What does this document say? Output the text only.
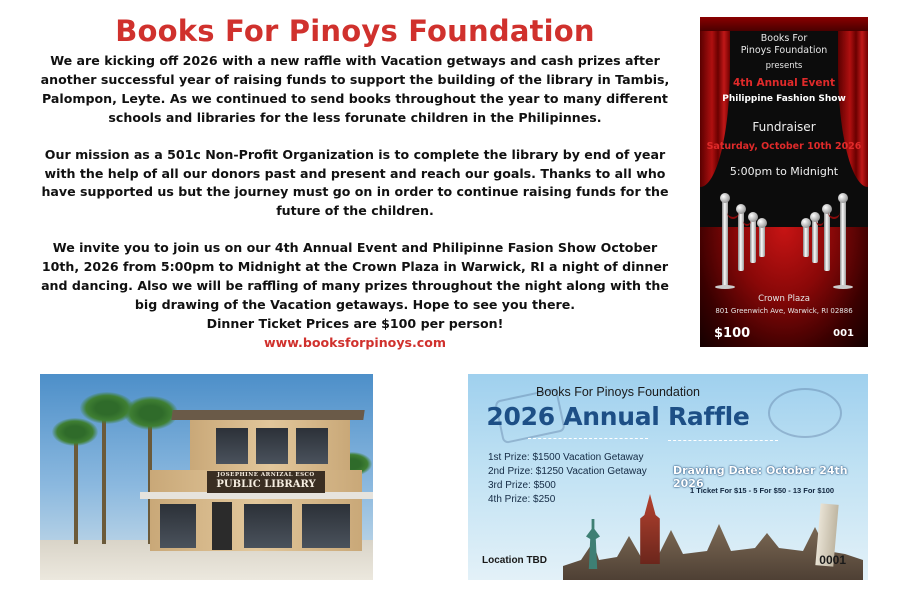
Books For Pinoys Foundation

We are kicking off 2026 with a new raffle with Vacation getways and cash prizes after another successful year of raising funds to support the building of the library in Tambis, Palompon, Leyte. As we continued to send books throughout the year to many different schools and libraries for the less forunate children in the Philipinnes.

Our mission as a 501c Non-Profit Organization is to complete the library by end of year with the help of all our donors past and present and reach our goals. Thanks to all who have supported us but the journey must go on in order to continue raising funds for the future of the children.

We invite you to join us on our 4th Annual Event and Philipinne Fasion Show October 10th, 2026 from 5:00pm to Midnight at the Crown Plaza in Warwick, RI a night of dinner and dancing. Also we will be raffling of many prizes throughout the night along with the big drawing of the Vacation getaways. Hope to see you there.

Dinner Ticket Prices are $100 per person!
www.booksforpinoys.com
Books For
Pinoys Foundation
presents
4th Annual Event
Philippine Fashion Show
Fundraiser
Saturday, October 10th 2026
5:00pm to Midnight
Crown Plaza
801 Greenwich Ave, Warwick, RI 02886
$100	001
JOSEPHINE ARNIZAL ESCO
PUBLIC LIBRARY
Books For Pinoys Foundation
2026 Annual Raffle
1st Prize: $1500 Vacation Getaway
2nd Prize: $1250 Vacation Getaway
3rd Prize: $500
4th Prize: $250
Drawing Date: October 24th 2026
1 Ticket For $15 - 5 For $50 - 13 For $100
Location TBD	0001
